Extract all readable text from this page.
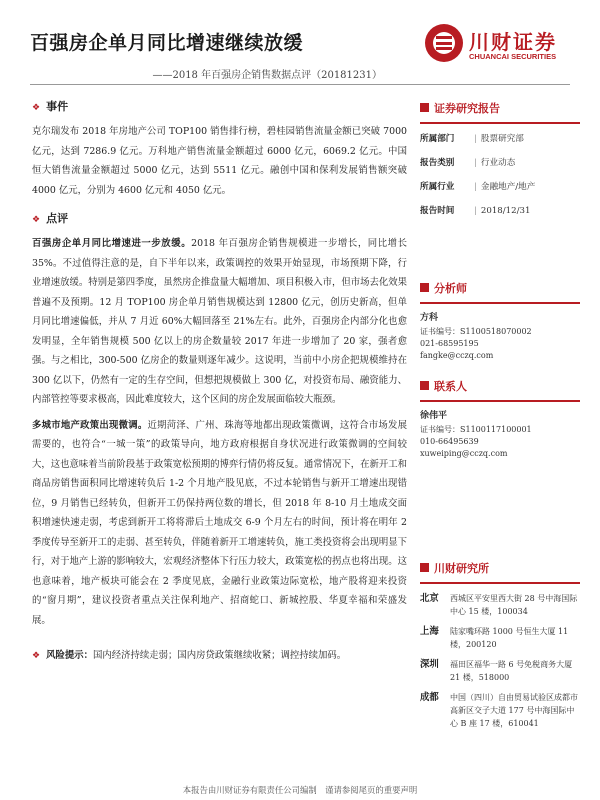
百强房企单月同比增速继续放缓
——2018 年百强房企销售数据点评（20181231）
川财证券
CHUANCAI SECURITIES
❖ 事件

克尔瑞发布 2018 年房地产公司 TOP100 销售排行榜，碧桂园销售流量金额已突破 7000 亿元，达到 7286.9 亿元。万科地产销售流量金额超过 6000 亿元，6069.2 亿元。中国恒大销售流量金额超过 5000 亿元，达到 5511 亿元。融创中国和保利发展销售额突破 4000 亿元，分别为 4600 亿元和 4050 亿元。

❖ 点评

百强房企单月同比增速进一步放缓。2018 年百强房企销售规模进一步增长，同比增长 35%。不过值得注意的是，自下半年以来，政策调控的效果开始显现，市场预期下降，行业增速放缓。特别是第四季度，虽然房企推盘量大幅增加、项目积极入市，但市场去化效果普遍不及预期。12 月 TOP100 房企单月销售规模达到 12800 亿元，创历史新高，但单月同比增速偏低，并从 7 月近 60%大幅回落至 21%左右。此外，百强房企内部分化也愈发明显，全年销售规模 500 亿以上的房企数量较 2017 年进一步增加了 20 家，强者愈强。与之相比，300-500 亿房企的数量则逐年减少。这说明，当前中小房企把规模维持在 300 亿以下，仍然有一定的生存空间，但想把规模做上 300 亿，对投资布局、融资能力、内部管控等要求极高，因此难度较大，这个区间的房企发展面临较大瓶颈。

多城市地产政策出现微调。近期菏泽、广州、珠海等地都出现政策微调，这符合市场发展需要的，也符合“一城一策”的政策导向，地方政府根据自身状况进行政策微调的空间较大，这也意味着当前阶段基于政策宽松预期的博弈行情仍将反复。通常情况下，在新开工和商品房销售面积同比增速转负后 1-2 个月地产股见底，不过本轮销售与新开工增速出现错位，9 月销售已经转负，但新开工仍保持两位数的增长，但 2018 年 8-10 月土地成交面积增速快速走弱，考虑到新开工将将滞后土地成交 6-9 个月左右的时间，预计将在明年 2 季度传导至新开工的走弱、甚至转负，伴随着新开工增速转负，施工类投资将会出现明显下行，对于地产上游的影响较大，宏观经济整体下行压力较大，政策宽松的拐点也将出现。这也意味着，地产板块可能会在 2 季度见底，金融行业政策边际宽松，地产股将迎来投资的“窗月期”，建议投资者重点关注保利地产、招商蛇口、新城控股、华夏幸福和荣盛发展。

❖ 风险提示：国内经济持续走弱；国内房贷政策继续收紧；调控持续加码。
证券研究报告
所属部门	| 股票研究部
报告类别	| 行业动态
所属行业	| 金融地产/地产
报告时间	| 2018/12/31
分析师
方科
证书编号：S1100518070002
021-68595195
fangke@cczq.com
联系人
徐伟平
证书编号：S1100117100001
010-66495639
xuweiping@cczq.com
川财研究所
北京	西城区平安里西大街 28 号中海国际中心 15 楼，100034
上海	陆家嘴环路 1000 号恒生大厦 11 楼，200120
深圳	福田区福华一路 6 号免税商务大厦 21 楼，518000
成都	中国（四川）自由贸易试验区成都市高新区交子大道 177 号中海国际中心 B 座 17 楼，610041
本报告由川财证券有限责任公司编制　谨请参阅尾页的重要声明
